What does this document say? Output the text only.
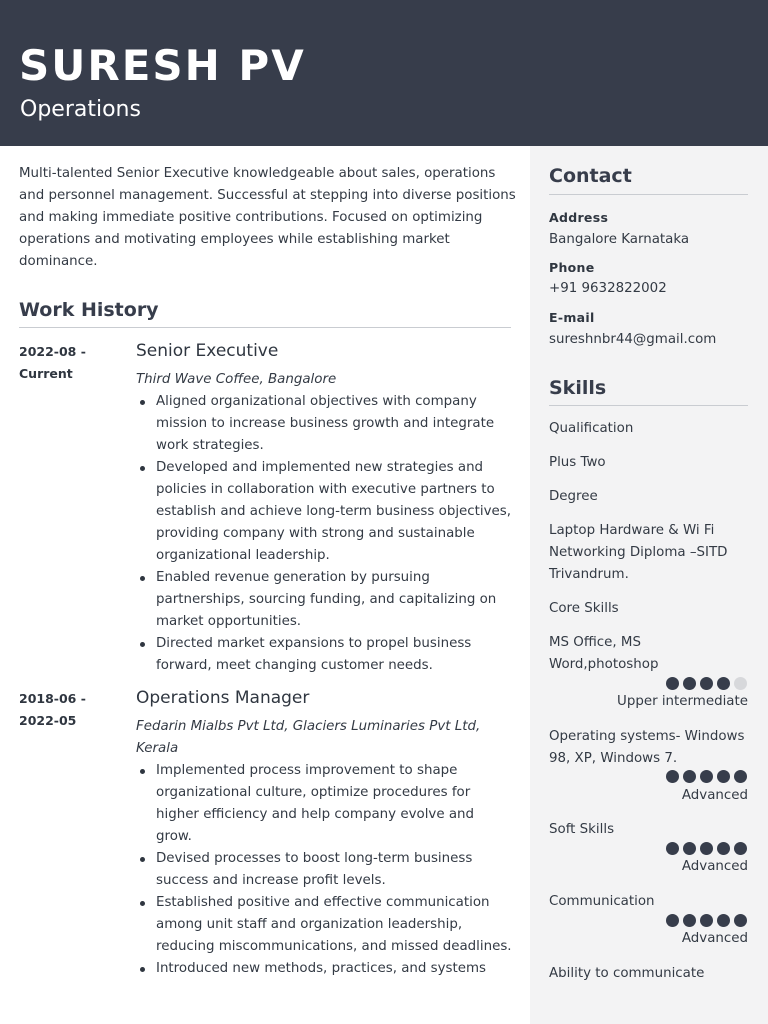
SURESH PV
Operations
Multi-talented Senior Executive knowledgeable about sales, operations and personnel management. Successful at stepping into diverse positions and making immediate positive contributions. Focused on optimizing operations and motivating employees while establishing market dominance.
Work History
2022-08 -
Current
Senior Executive
Third Wave Coffee, Bangalore
Aligned organizational objectives with company mission to increase business growth and integrate work strategies.
Developed and implemented new strategies and policies in collaboration with executive partners to establish and achieve long-term business objectives, providing company with strong and sustainable organizational leadership.
Enabled revenue generation by pursuing partnerships, sourcing funding, and capitalizing on market opportunities.
Directed market expansions to propel business forward, meet changing customer needs.
2018-06 -
2022-05
Operations Manager
Fedarin Mialbs Pvt Ltd, Glaciers Luminaries Pvt Ltd, Kerala
Implemented process improvement to shape organizational culture, optimize procedures for higher efficiency and help company evolve and grow.
Devised processes to boost long-term business success and increase profit levels.
Established positive and effective communication among unit staff and organization leadership, reducing miscommunications, and missed deadlines.
Introduced new methods, practices, and systems
Contact
Address
Bangalore Karnataka
Phone
+91 9632822002
E-mail
sureshnbr44@gmail.com
Skills
Qualification
Plus Two
Degree
Laptop Hardware & Wi Fi Networking Diploma –SITD Trivandrum.
Core Skills
MS Office, MS Word,photoshop
Upper intermediate
Operating systems- Windows 98, XP, Windows 7.
Advanced
Soft Skills
Advanced
Communication
Advanced
Ability to communicate
